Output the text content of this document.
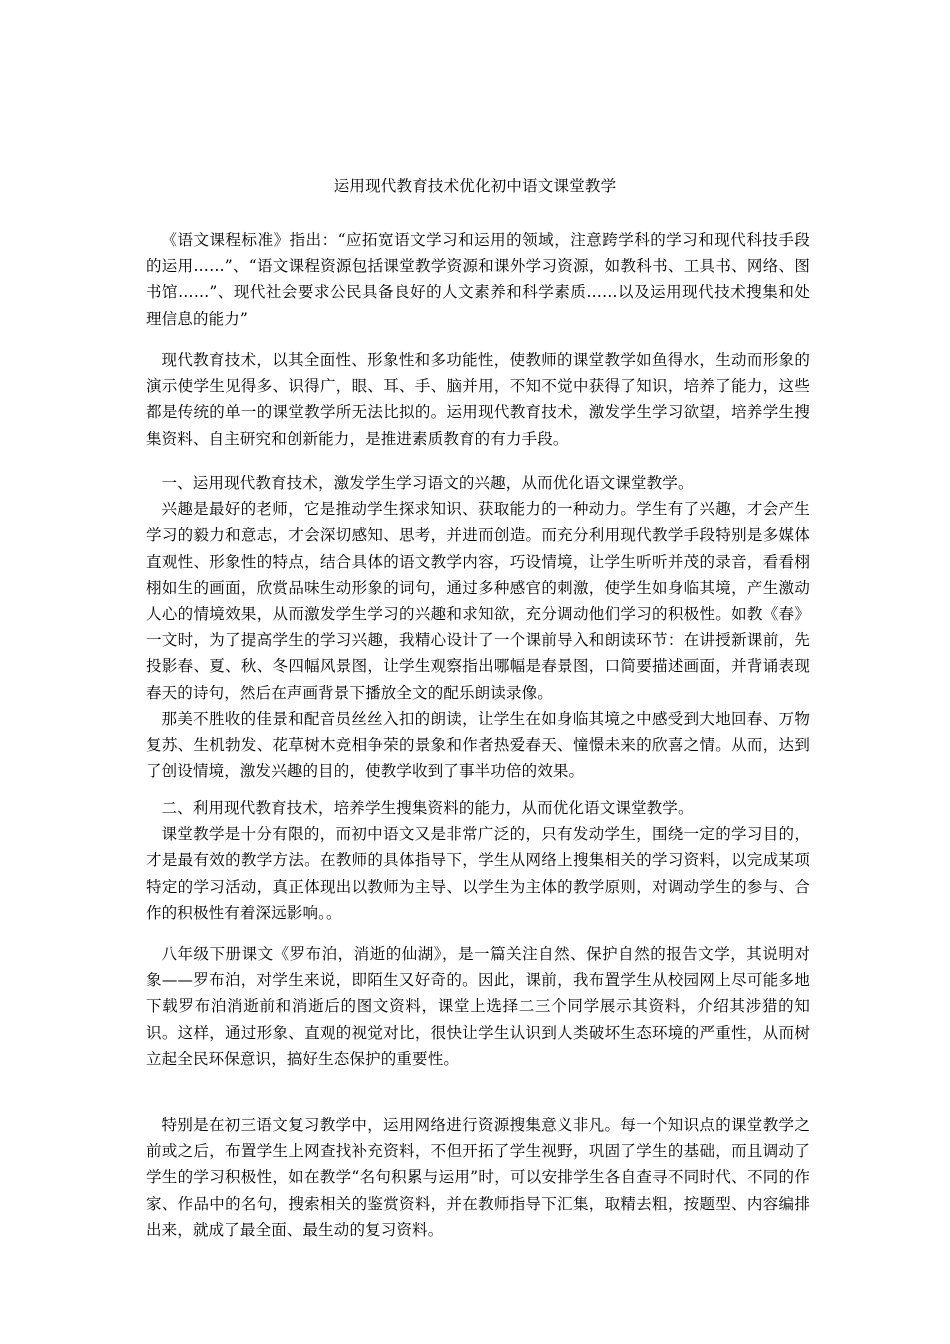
运用现代教育技术优化初中语文课堂教学

《语文课程标准》指出：“应拓宽语文学习和运用的领域，注意跨学科的学习和现代科技手段的运用……”、“语文课程资源包括课堂教学资源和课外学习资源，如教科书、工具书、网络、图书馆……”、现代社会要求公民具备良好的人文素养和科学素质……以及运用现代技术搜集和处理信息的能力”

现代教育技术，以其全面性、形象性和多功能性，使教师的课堂教学如鱼得水，生动而形象的演示使学生见得多、识得广，眼、耳、手、脑并用，不知不觉中获得了知识，培养了能力，这些都是传统的单一的课堂教学所无法比拟的。运用现代教育技术，激发学生学习欲望，培养学生搜集资料、自主研究和创新能力，是推进素质教育的有力手段。

一、运用现代教育技术，激发学生学习语文的兴趣，从而优化语文课堂教学。

兴趣是最好的老师，它是推动学生探求知识、获取能力的一种动力。学生有了兴趣，才会产生学习的毅力和意志，才会深切感知、思考，并进而创造。而充分利用现代教学手段特别是多媒体直观性、形象性的特点，结合具体的语文教学内容，巧设情境，让学生听听并茂的录音，看看栩栩如生的画面，欣赏品味生动形象的词句，通过多种感官的刺激，使学生如身临其境，产生激动人心的情境效果，从而激发学生学习的兴趣和求知欲，充分调动他们学习的积极性。如教《春》一文时，为了提高学生的学习兴趣，我精心设计了一个课前导入和朗读环节：在讲授新课前，先投影春、夏、秋、冬四幅风景图，让学生观察指出哪幅是春景图，口简要描述画面，并背诵表现春天的诗句，然后在声画背景下播放全文的配乐朗读录像。

那美不胜收的佳景和配音员丝丝入扣的朗读，让学生在如身临其境之中感受到大地回春、万物复苏、生机勃发、花草树木竞相争荣的景象和作者热爱春天、憧憬未来的欣喜之情。从而，达到了创设情境，激发兴趣的目的，使教学收到了事半功倍的效果。

二、利用现代教育技术，培养学生搜集资料的能力，从而优化语文课堂教学。

课堂教学是十分有限的，而初中语文又是非常广泛的，只有发动学生，围绕一定的学习目的，才是最有效的教学方法。在教师的具体指导下，学生从网络上搜集相关的学习资料，以完成某项特定的学习活动，真正体现出以教师为主导、以学生为主体的教学原则，对调动学生的参与、合作的积极性有着深远影响。。

八年级下册课文《罗布泊，消逝的仙湖》，是一篇关注自然、保护自然的报告文学，其说明对象——罗布泊，对学生来说，即陌生又好奇的。因此，课前，我布置学生从校园网上尽可能多地下载罗布泊消逝前和消逝后的图文资料，课堂上选择二三个同学展示其资料，介绍其涉猎的知识。这样，通过形象、直观的视觉对比，很快让学生认识到人类破坏生态环境的严重性，从而树立起全民环保意识，搞好生态保护的重要性。

特别是在初三语文复习教学中，运用网络进行资源搜集意义非凡。每一个知识点的课堂教学之前或之后，布置学生上网查找补充资料，不但开拓了学生视野，巩固了学生的基础，而且调动了学生的学习积极性，如在教学“名句积累与运用”时，可以安排学生各自查寻不同时代、不同的作家、作品中的名句，搜索相关的鉴赏资料，并在教师指导下汇集，取精去粗，按题型、内容编排出来，就成了最全面、最生动的复习资料。
